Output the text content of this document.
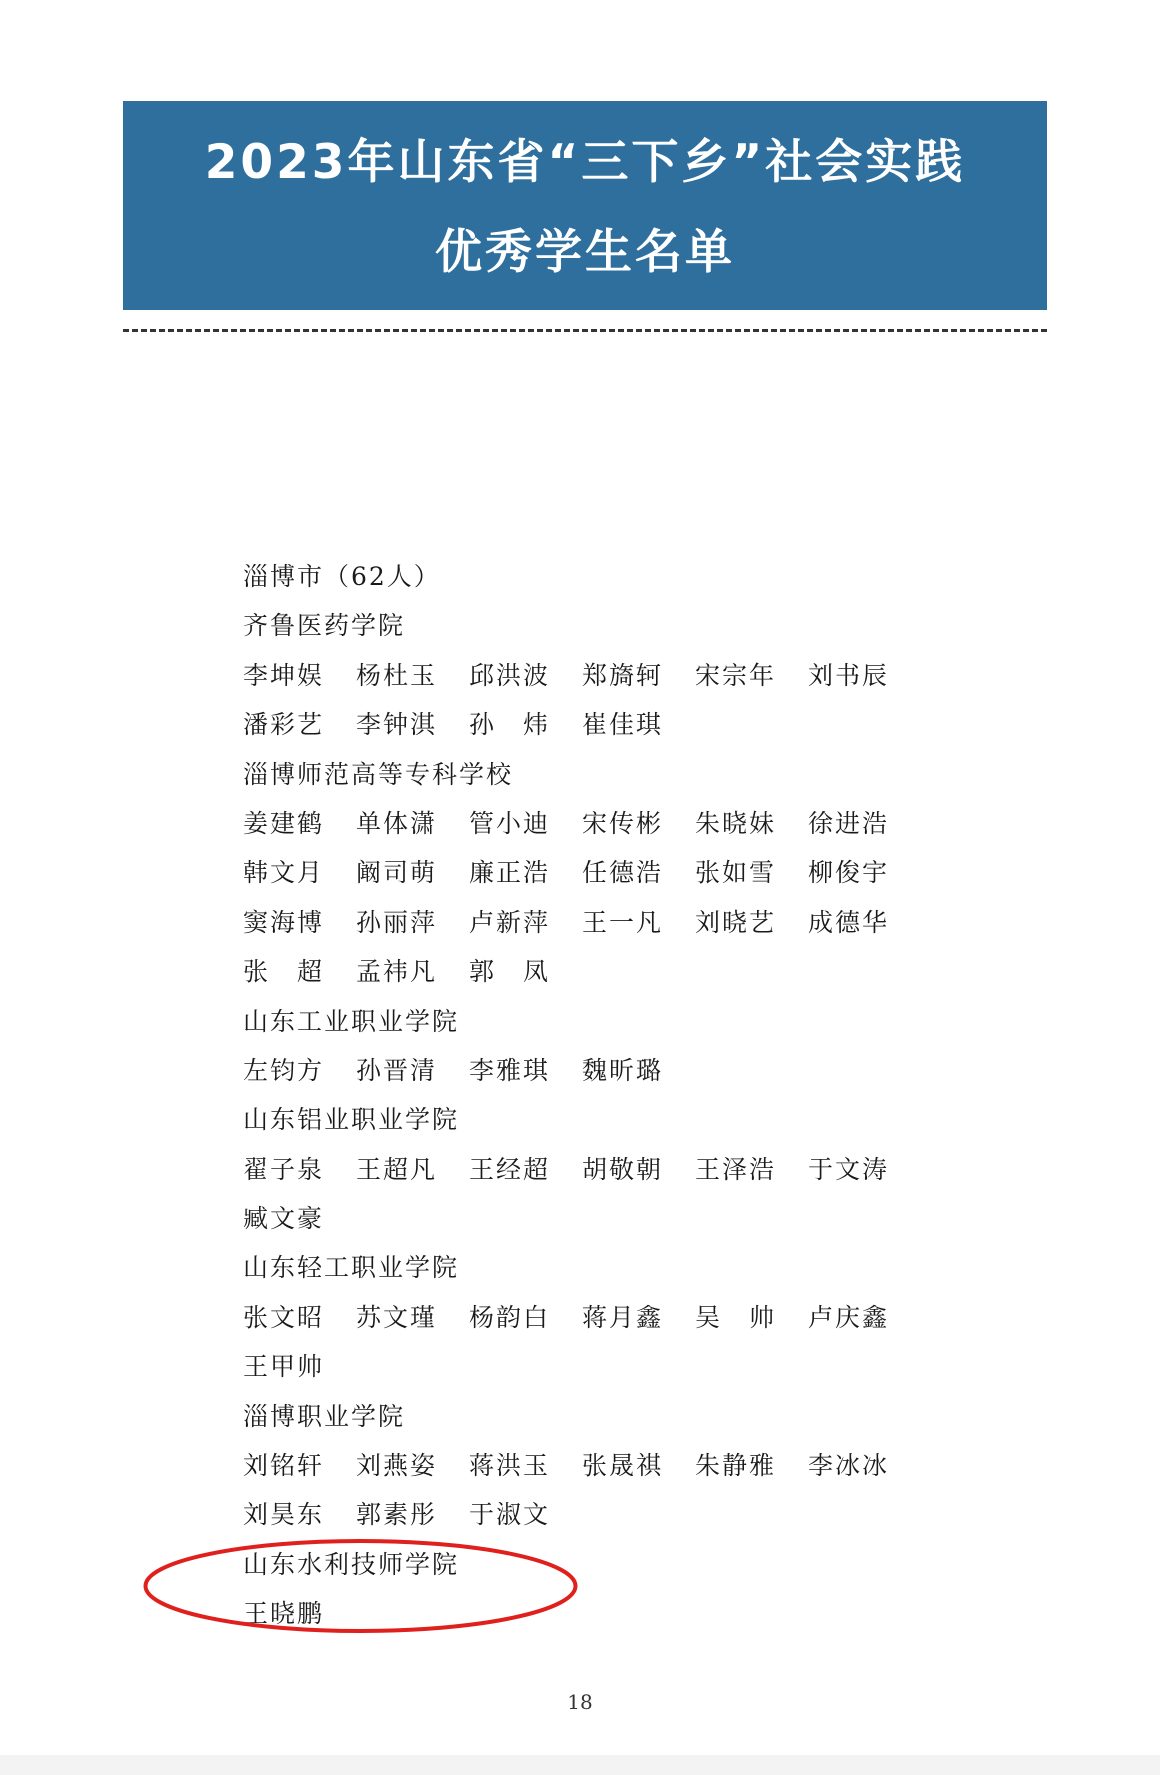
2023年山东省“三下乡”社会实践
优秀学生名单
淄博市（62人）
齐鲁医药学院
李坤娱	杨杜玉	邱洪波	郑旖轲	宋宗年	刘书辰
潘彩艺	李钟淇	孙　炜	崔佳琪
淄博师范高等专科学校
姜建鹤	单体潇	管小迪	宋传彬	朱晓妹	徐进浩
韩文月	阚司萌	廉正浩	任德浩	张如雪	柳俊宇
窦海博	孙丽萍	卢新萍	王一凡	刘晓艺	成德华
张　超	孟祎凡	郭　凤
山东工业职业学院
左钧方	孙晋清	李雅琪	魏昕璐
山东铝业职业学院
翟子泉	王超凡	王经超	胡敬朝	王泽浩	于文涛
臧文豪
山东轻工职业学院
张文昭	苏文瑾	杨韵白	蒋月鑫	吴　帅	卢庆鑫
王甲帅
淄博职业学院
刘铭轩	刘燕姿	蒋洪玉	张晟祺	朱静雅	李冰冰
刘昊东	郭素彤	于淑文
山东水利技师学院
王晓鹏
18
